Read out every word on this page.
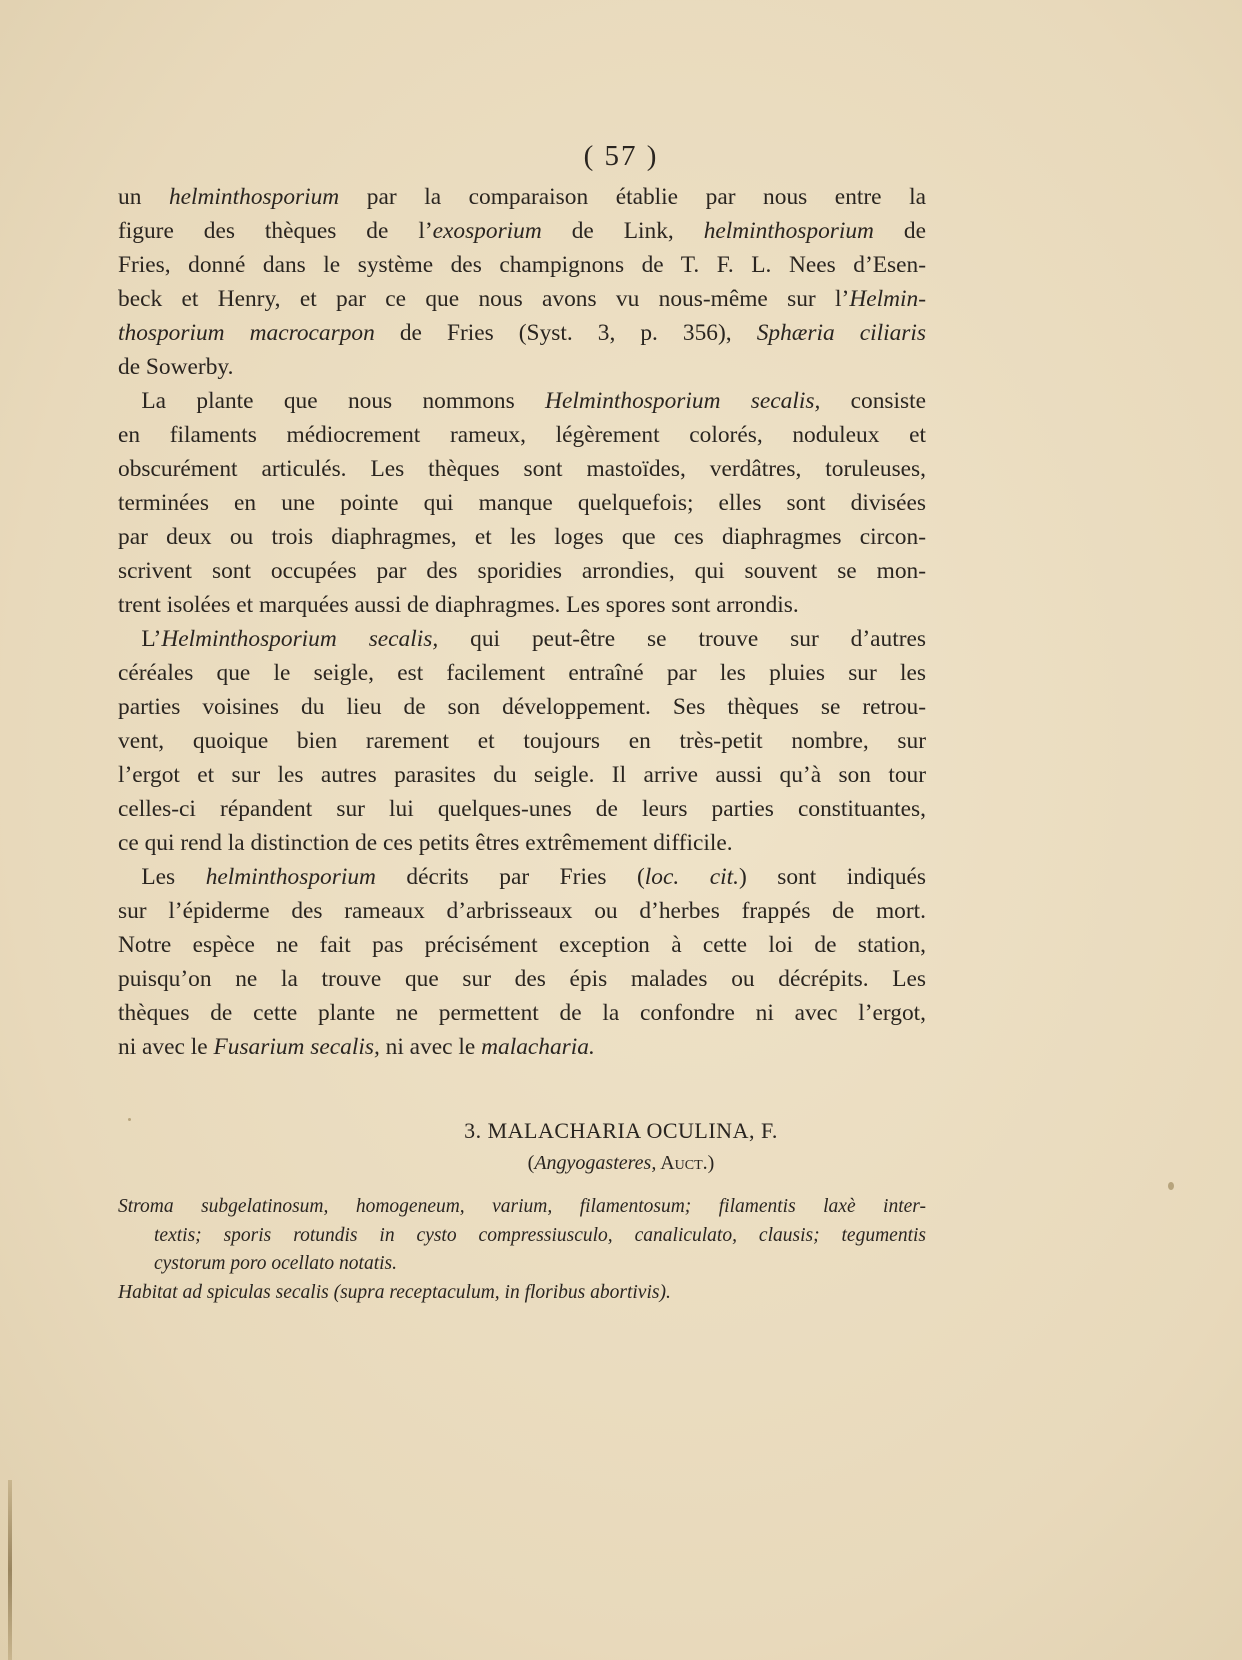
( 57 )
un helminthosporium par la comparaison établie par nous entre la
figure des thèques de l’exosporium de Link, helminthosporium de
Fries, donné dans le système des champignons de T. F. L. Nees d’Esen-
beck et Henry, et par ce que nous avons vu nous-même sur l’Helmin-
thosporium macrocarpon de Fries (Syst. 3, p. 356), Sphæria ciliaris
de Sowerby.
 La plante que nous nommons Helminthosporium secalis, consiste
en filaments médiocrement rameux, légèrement colorés, noduleux et
obscurément articulés. Les thèques sont mastoïdes, verdâtres, toruleuses,
terminées en une pointe qui manque quelquefois; elles sont divisées
par deux ou trois diaphragmes, et les loges que ces diaphragmes circon-
scrivent sont occupées par des sporidies arrondies, qui souvent se mon-
trent isolées et marquées aussi de diaphragmes. Les spores sont arrondis.
 L’Helminthosporium secalis, qui peut-être se trouve sur d’autres
céréales que le seigle, est facilement entraîné par les pluies sur les
parties voisines du lieu de son développement. Ses thèques se retrou-
vent, quoique bien rarement et toujours en très-petit nombre, sur
l’ergot et sur les autres parasites du seigle. Il arrive aussi qu’à son tour
celles-ci répandent sur lui quelques-unes de leurs parties constituantes,
ce qui rend la distinction de ces petits êtres extrêmement difficile.
 Les helminthosporium décrits par Fries (loc. cit.) sont indiqués
sur l’épiderme des rameaux d’arbrisseaux ou d’herbes frappés de mort.
Notre espèce ne fait pas précisément exception à cette loi de station,
puisqu’on ne la trouve que sur des épis malades ou décrépits. Les
thèques de cette plante ne permettent de la confondre ni avec l’ergot,
ni avec le Fusarium secalis, ni avec le malacharia.
3. MALACHARIA OCULINA, F.
(Angyogasteres, Auct.)
Stroma subgelatinosum, homogeneum, varium, filamentosum; filamentis laxè inter-
textis; sporis rotundis in cysto compressiusculo, canaliculato, clausis; tegumentis
cystorum poro ocellato notatis.
Habitat ad spiculas secalis (supra receptaculum, in floribus abortivis).
